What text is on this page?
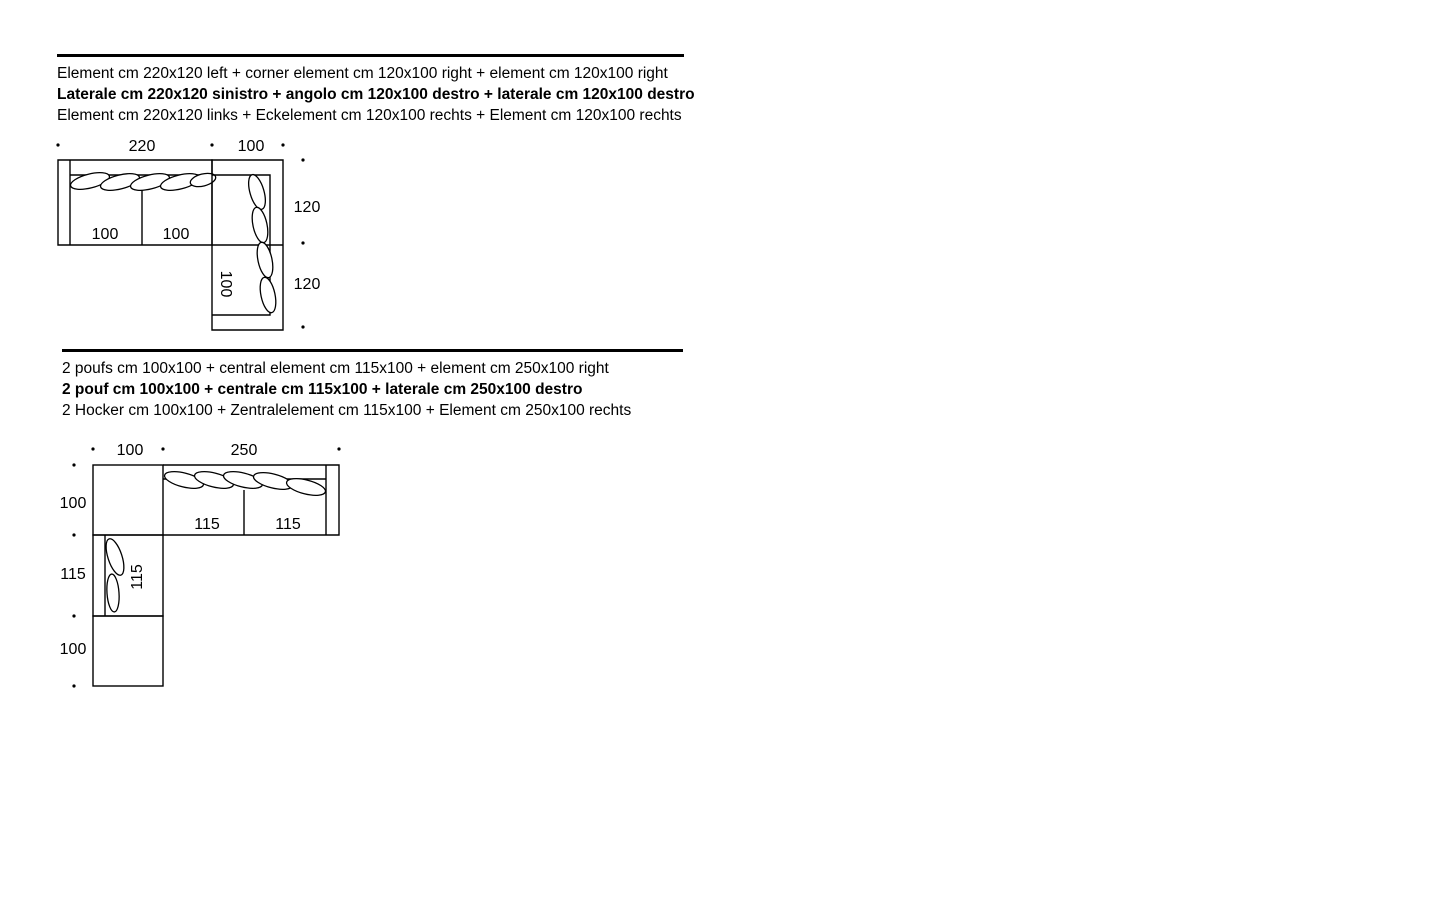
Element cm 220x120 left + corner element cm 120x100 right + element cm 120x100 right
Laterale cm 220x120 sinistro + angolo cm 120x100 destro + laterale cm 120x100 destro
Element cm 220x120 links + Eckelement cm 120x100 rechts + Element cm 120x100 rechts
220	100
120
120
100	100
100
2 poufs cm 100x100 + central element cm 115x100 + element cm 250x100 right
2 pouf cm 100x100 + centrale cm 115x100 + laterale cm 250x100 destro
2 Hocker cm 100x100 + Zentralelement cm 115x100 + Element cm 250x100 rechts
100	250
100
115
100
115
115	115
